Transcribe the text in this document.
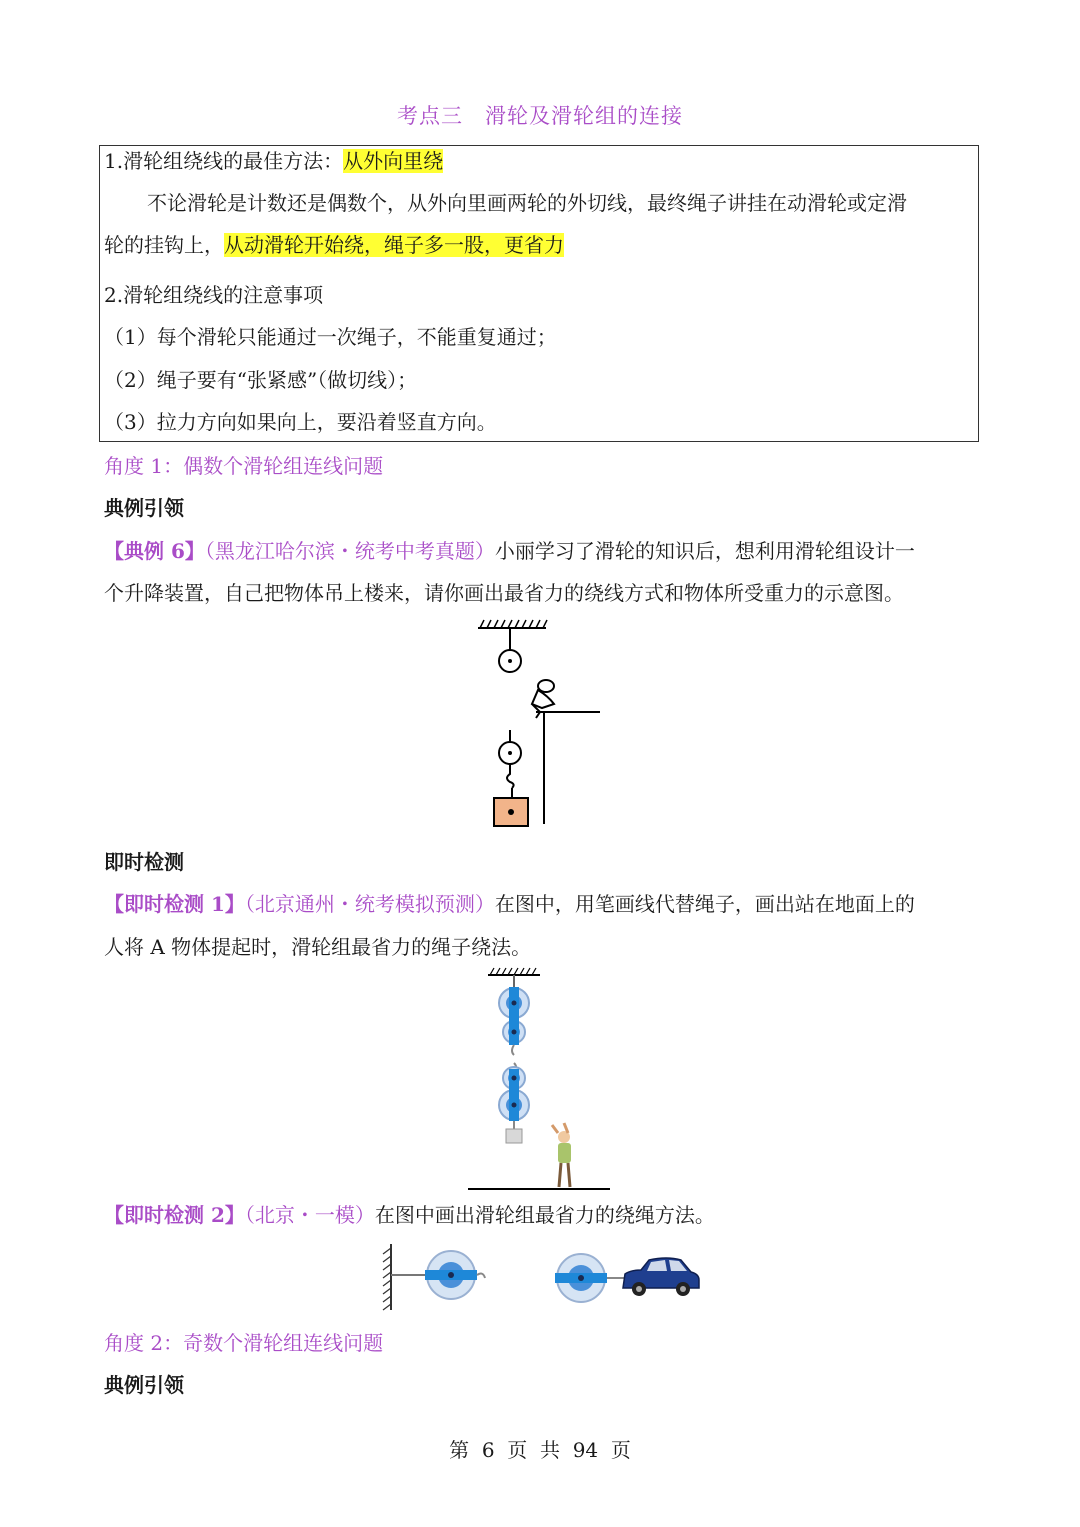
考点三　滑轮及滑轮组的连接
1.滑轮组绕线的最佳方法：从外向里绕
不论滑轮是计数还是偶数个，从外向里画两轮的外切线，最终绳子讲挂在动滑轮或定滑
轮的挂钩上，从动滑轮开始绕，绳子多一股，更省力
2.滑轮组绕线的注意事项
（1）每个滑轮只能通过一次绳子，不能重复通过；
（2）绳子要有“张紧感”（做切线）；
（3）拉力方向如果向上，要沿着竖直方向。
角度 1：偶数个滑轮组连线问题
典例引领
【典例 6】（黑龙江哈尔滨・统考中考真题）小丽学习了滑轮的知识后，想利用滑轮组设计一
个升降装置，自己把物体吊上楼来，请你画出最省力的绕线方式和物体所受重力的示意图。
即时检测
【即时检测 1】（北京通州・统考模拟预测）在图中，用笔画线代替绳子，画出站在地面上的
人将 A 物体提起时，滑轮组最省力的绳子绕法。
【即时检测 2】（北京・一模）在图中画出滑轮组最省力的绕绳方法。
角度 2：奇数个滑轮组连线问题
典例引领
第  6  页  共  94  页
